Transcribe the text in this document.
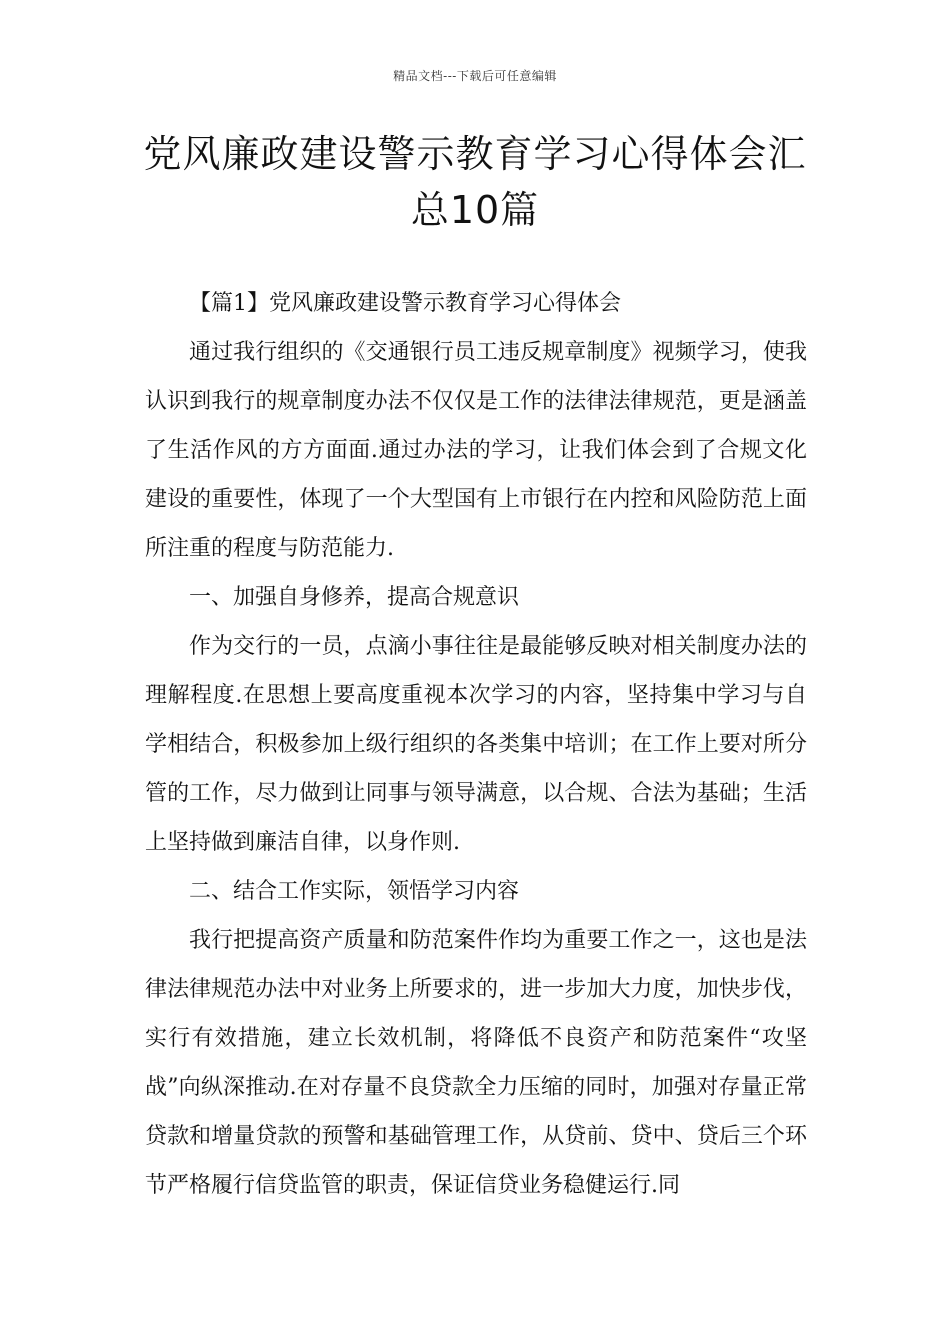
精品文档---下载后可任意编辑
党风廉政建设警示教育学习心得体会汇
总10篇

【篇1】党风廉政建设警示教育学习心得体会

通过我行组织的《交通银行员工违反规章制度》视频学习，使我认识到我行的规章制度办法不仅仅是工作的法律法律规范，更是涵盖了生活作风的方方面面.通过办法的学习，让我们体会到了合规文化建设的重要性，体现了一个大型国有上市银行在内控和风险防范上面所注重的程度与防范能力.

一、加强自身修养，提高合规意识

作为交行的一员，点滴小事往往是最能够反映对相关制度办法的理解程度.在思想上要高度重视本次学习的内容，坚持集中学习与自学相结合，积极参加上级行组织的各类集中培训；在工作上要对所分管的工作，尽力做到让同事与领导满意，以合规、合法为基础；生活上坚持做到廉洁自律，以身作则.

二、结合工作实际，领悟学习内容

我行把提高资产质量和防范案件作均为重要工作之一，这也是法律法律规范办法中对业务上所要求的，进一步加大力度，加快步伐，实行有效措施，建立长效机制，将降低不良资产和防范案件“攻坚战”向纵深推动.在对存量不良贷款全力压缩的同时，加强对存量正常贷款和增量贷款的预警和基础管理工作，从贷前、贷中、贷后三个环节严格履行信贷监管的职责，保证信贷业务稳健运行.同
